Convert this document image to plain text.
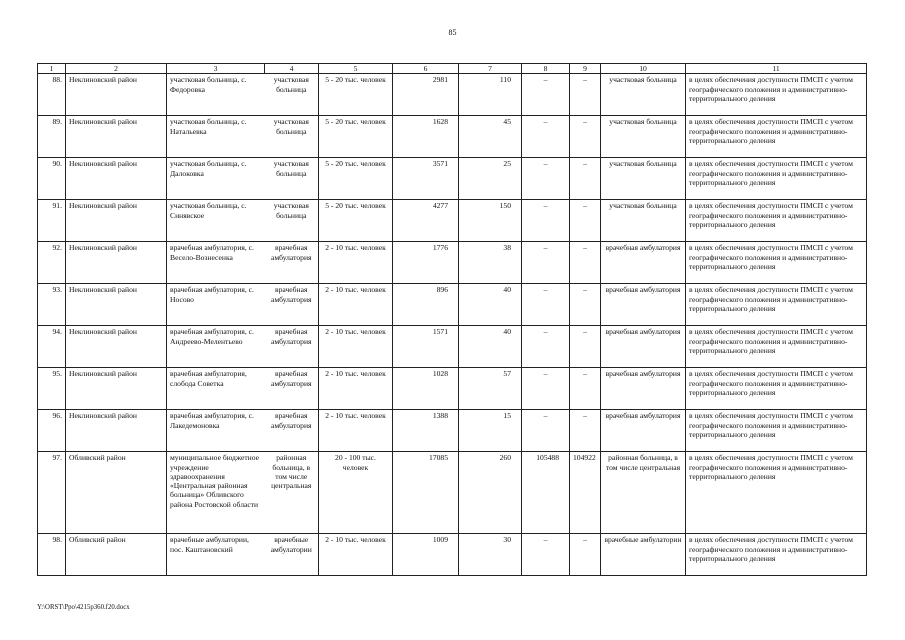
85
1	2	3	4	5	6	7	8	9	10	11
88.	Неклиновский район	участковая больница, с. Федоровка	участковая больница	5 - 20 тыс. человек	2981	110	–	–	участковая больница	в целях обеспечения доступности ПМСП с учетом географического положения и административно-территориального деления
89.	Неклиновский район	участковая больница, с. Натальевка	участковая больница	5 - 20 тыс. человек	1628	45	–	–	участковая больница	в целях обеспечения доступности ПМСП с учетом географического положения и административно-территориального деления
90.	Неклиновский район	участковая больница, с. Далоковка	участковая больница	5 - 20 тыс. человек	3571	25	–	–	участковая больница	в целях обеспечения доступности ПМСП с учетом географического положения и административно-территориального деления
91.	Неклиновский район	участковая больница, с. Синявское	участковая больница	5 - 20 тыс. человек	4277	150	–	–	участковая больница	в целях обеспечения доступности ПМСП с учетом географического положения и административно-территориального деления
92.	Неклиновский район	врачебная амбулатория, с. Весело-Вознесенка	врачебная амбулатория	2 - 10 тыс. человек	1776	38	–	–	врачебная амбулатория	в целях обеспечения доступности ПМСП с учетом географического положения и административно-территориального деления
93.	Неклиновский район	врачебная амбулатория, с. Носово	врачебная амбулатория	2 - 10 тыс. человек	896	40	–	–	врачебная амбулатория	в целях обеспечения доступности ПМСП с учетом географического положения и административно-территориального деления
94.	Неклиновский район	врачебная амбулатория, с. Андреево-Мелентьево	врачебная амбулатория	2 - 10 тыс. человек	1571	40	–	–	врачебная амбулатория	в целях обеспечения доступности ПМСП с учетом географического положения и административно-территориального деления
95.	Неклиновский район	врачебная амбулатория, слобода Советка	врачебная амбулатория	2 - 10 тыс. человек	1028	57	–	–	врачебная амбулатория	в целях обеспечения доступности ПМСП с учетом географического положения и административно-территориального деления
96.	Неклиновский район	врачебная амбулатория, с. Лакедемоновка	врачебная амбулатория	2 - 10 тыс. человек	1388	15	–	–	врачебная амбулатория	в целях обеспечения доступности ПМСП с учетом географического положения и административно-территориального деления
97.	Обливский район	муниципальное бюджетное учреждение здравоохранения «Центральная районная больница» Обливского района Ростовской области	районная больница, в том числе центральная	20 - 100 тыс. человек	17085	260	105488	104922	районная больница, в том числе центральная	в целях обеспечения доступности ПМСП с учетом географического положения и административно-территориального деления
98.	Обливский район	врачебные амбулатории, пос. Каштановский	врачебные амбулатории	2 - 10 тыс. человек	1009	30	–	–	врачебные амбулатории	в целях обеспечения доступности ПМСП с учетом географического положения и административно-территориального деления
Y:\ORST\Ppo\4215p360.f20.docx
